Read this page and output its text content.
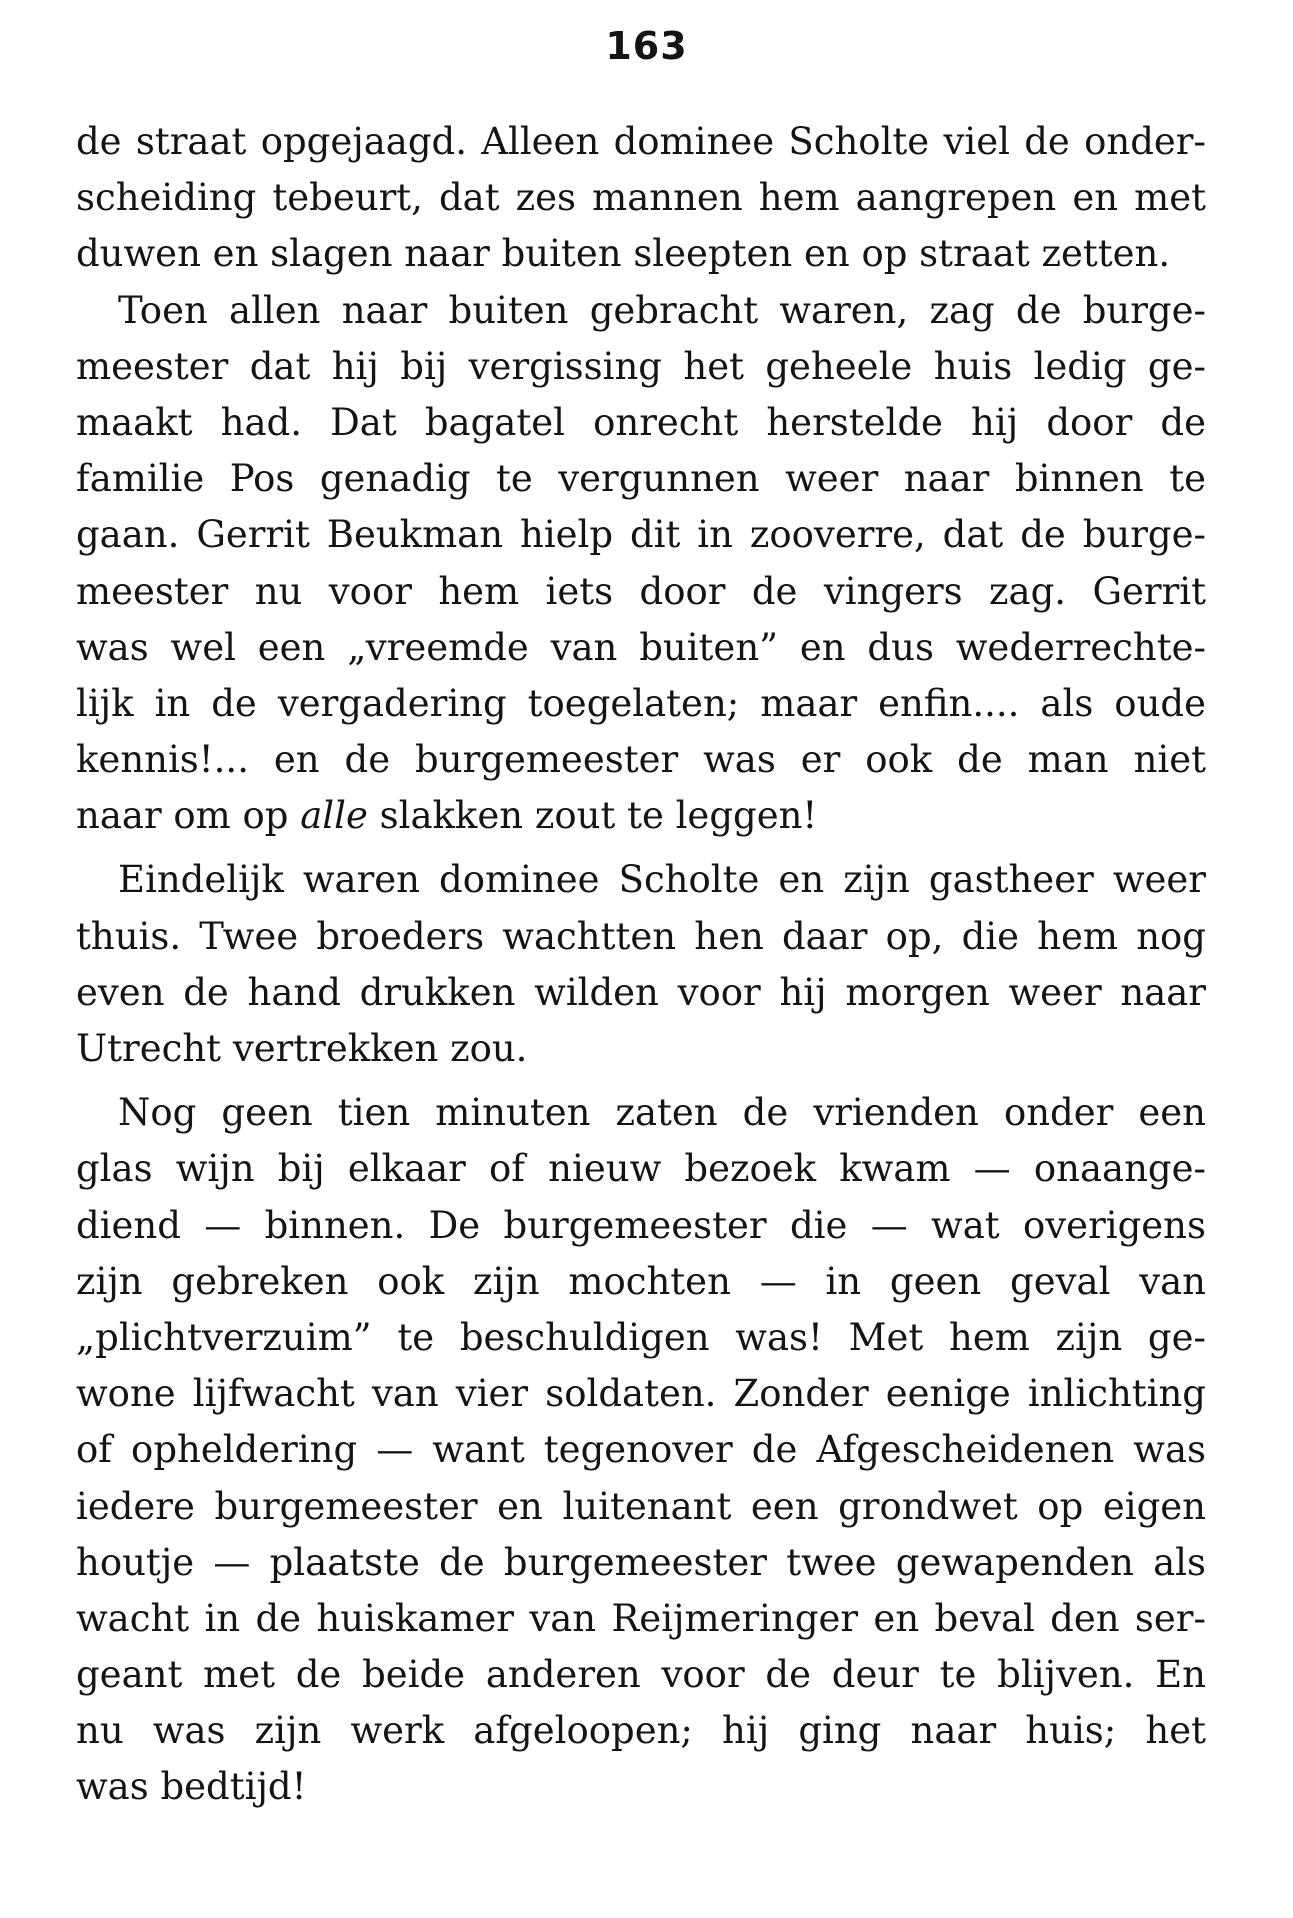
163
de straat opgejaagd. Alleen dominee Scholte viel de onder-
scheiding tebeurt, dat zes mannen hem aangrepen en met
duwen en slagen naar buiten sleepten en op straat zetten.
Toen allen naar buiten gebracht waren, zag de burge-
meester dat hij bij vergissing het geheele huis ledig ge-
maakt had. Dat bagatel onrecht herstelde hij door de
familie Pos genadig te vergunnen weer naar binnen te
gaan. Gerrit Beukman hielp dit in zooverre, dat de burge-
meester nu voor hem iets door de vingers zag. Gerrit
was wel een „vreemde van buiten” en dus wederrechte-
lijk in de vergadering toegelaten; maar enfin.... als oude
kennis!... en de burgemeester was er ook de man niet
naar om op alle slakken zout te leggen!
Eindelijk waren dominee Scholte en zijn gastheer weer
thuis. Twee broeders wachtten hen daar op, die hem nog
even de hand drukken wilden voor hij morgen weer naar
Utrecht vertrekken zou.
Nog geen tien minuten zaten de vrienden onder een
glas wijn bij elkaar of nieuw bezoek kwam — onaange-
diend — binnen. De burgemeester die — wat overigens
zijn gebreken ook zijn mochten — in geen geval van
„plichtverzuim” te beschuldigen was! Met hem zijn ge-
wone lijfwacht van vier soldaten. Zonder eenige inlichting
of opheldering — want tegenover de Afgescheidenen was
iedere burgemeester en luitenant een grondwet op eigen
houtje — plaatste de burgemeester twee gewapenden als
wacht in de huiskamer van Reijmeringer en beval den ser-
geant met de beide anderen voor de deur te blijven. En
nu was zijn werk afgeloopen; hij ging naar huis; het
was bedtijd!
